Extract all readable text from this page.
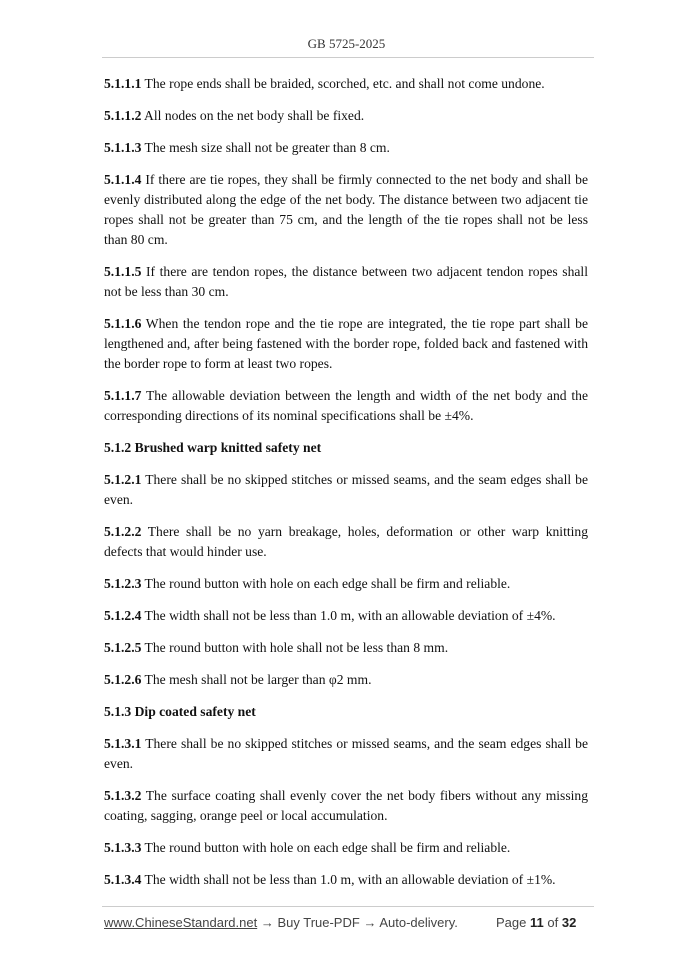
GB 5725-2025

5.1.1.1 The rope ends shall be braided, scorched, etc. and shall not come undone.

5.1.1.2 All nodes on the net body shall be fixed.

5.1.1.3 The mesh size shall not be greater than 8 cm.

5.1.1.4 If there are tie ropes, they shall be firmly connected to the net body and shall be evenly distributed along the edge of the net body. The distance between two adjacent tie ropes shall not be greater than 75 cm, and the length of the tie ropes shall not be less than 80 cm.

5.1.1.5 If there are tendon ropes, the distance between two adjacent tendon ropes shall not be less than 30 cm.

5.1.1.6 When the tendon rope and the tie rope are integrated, the tie rope part shall be lengthened and, after being fastened with the border rope, folded back and fastened with the border rope to form at least two ropes.

5.1.1.7 The allowable deviation between the length and width of the net body and the corresponding directions of its nominal specifications shall be ±4%.

5.1.2 Brushed warp knitted safety net

5.1.2.1 There shall be no skipped stitches or missed seams, and the seam edges shall be even.

5.1.2.2 There shall be no yarn breakage, holes, deformation or other warp knitting defects that would hinder use.

5.1.2.3 The round button with hole on each edge shall be firm and reliable.

5.1.2.4 The width shall not be less than 1.0 m, with an allowable deviation of ±4%.

5.1.2.5 The round button with hole shall not be less than 8 mm.

5.1.2.6 The mesh shall not be larger than φ2 mm.

5.1.3 Dip coated safety net

5.1.3.1 There shall be no skipped stitches or missed seams, and the seam edges shall be even.

5.1.3.2 The surface coating shall evenly cover the net body fibers without any missing coating, sagging, orange peel or local accumulation.

5.1.3.3 The round button with hole on each edge shall be firm and reliable.

5.1.3.4 The width shall not be less than 1.0 m, with an allowable deviation of ±1%.

www.ChineseStandard.net → Buy True-PDF → Auto-delivery.	Page 11 of 32
